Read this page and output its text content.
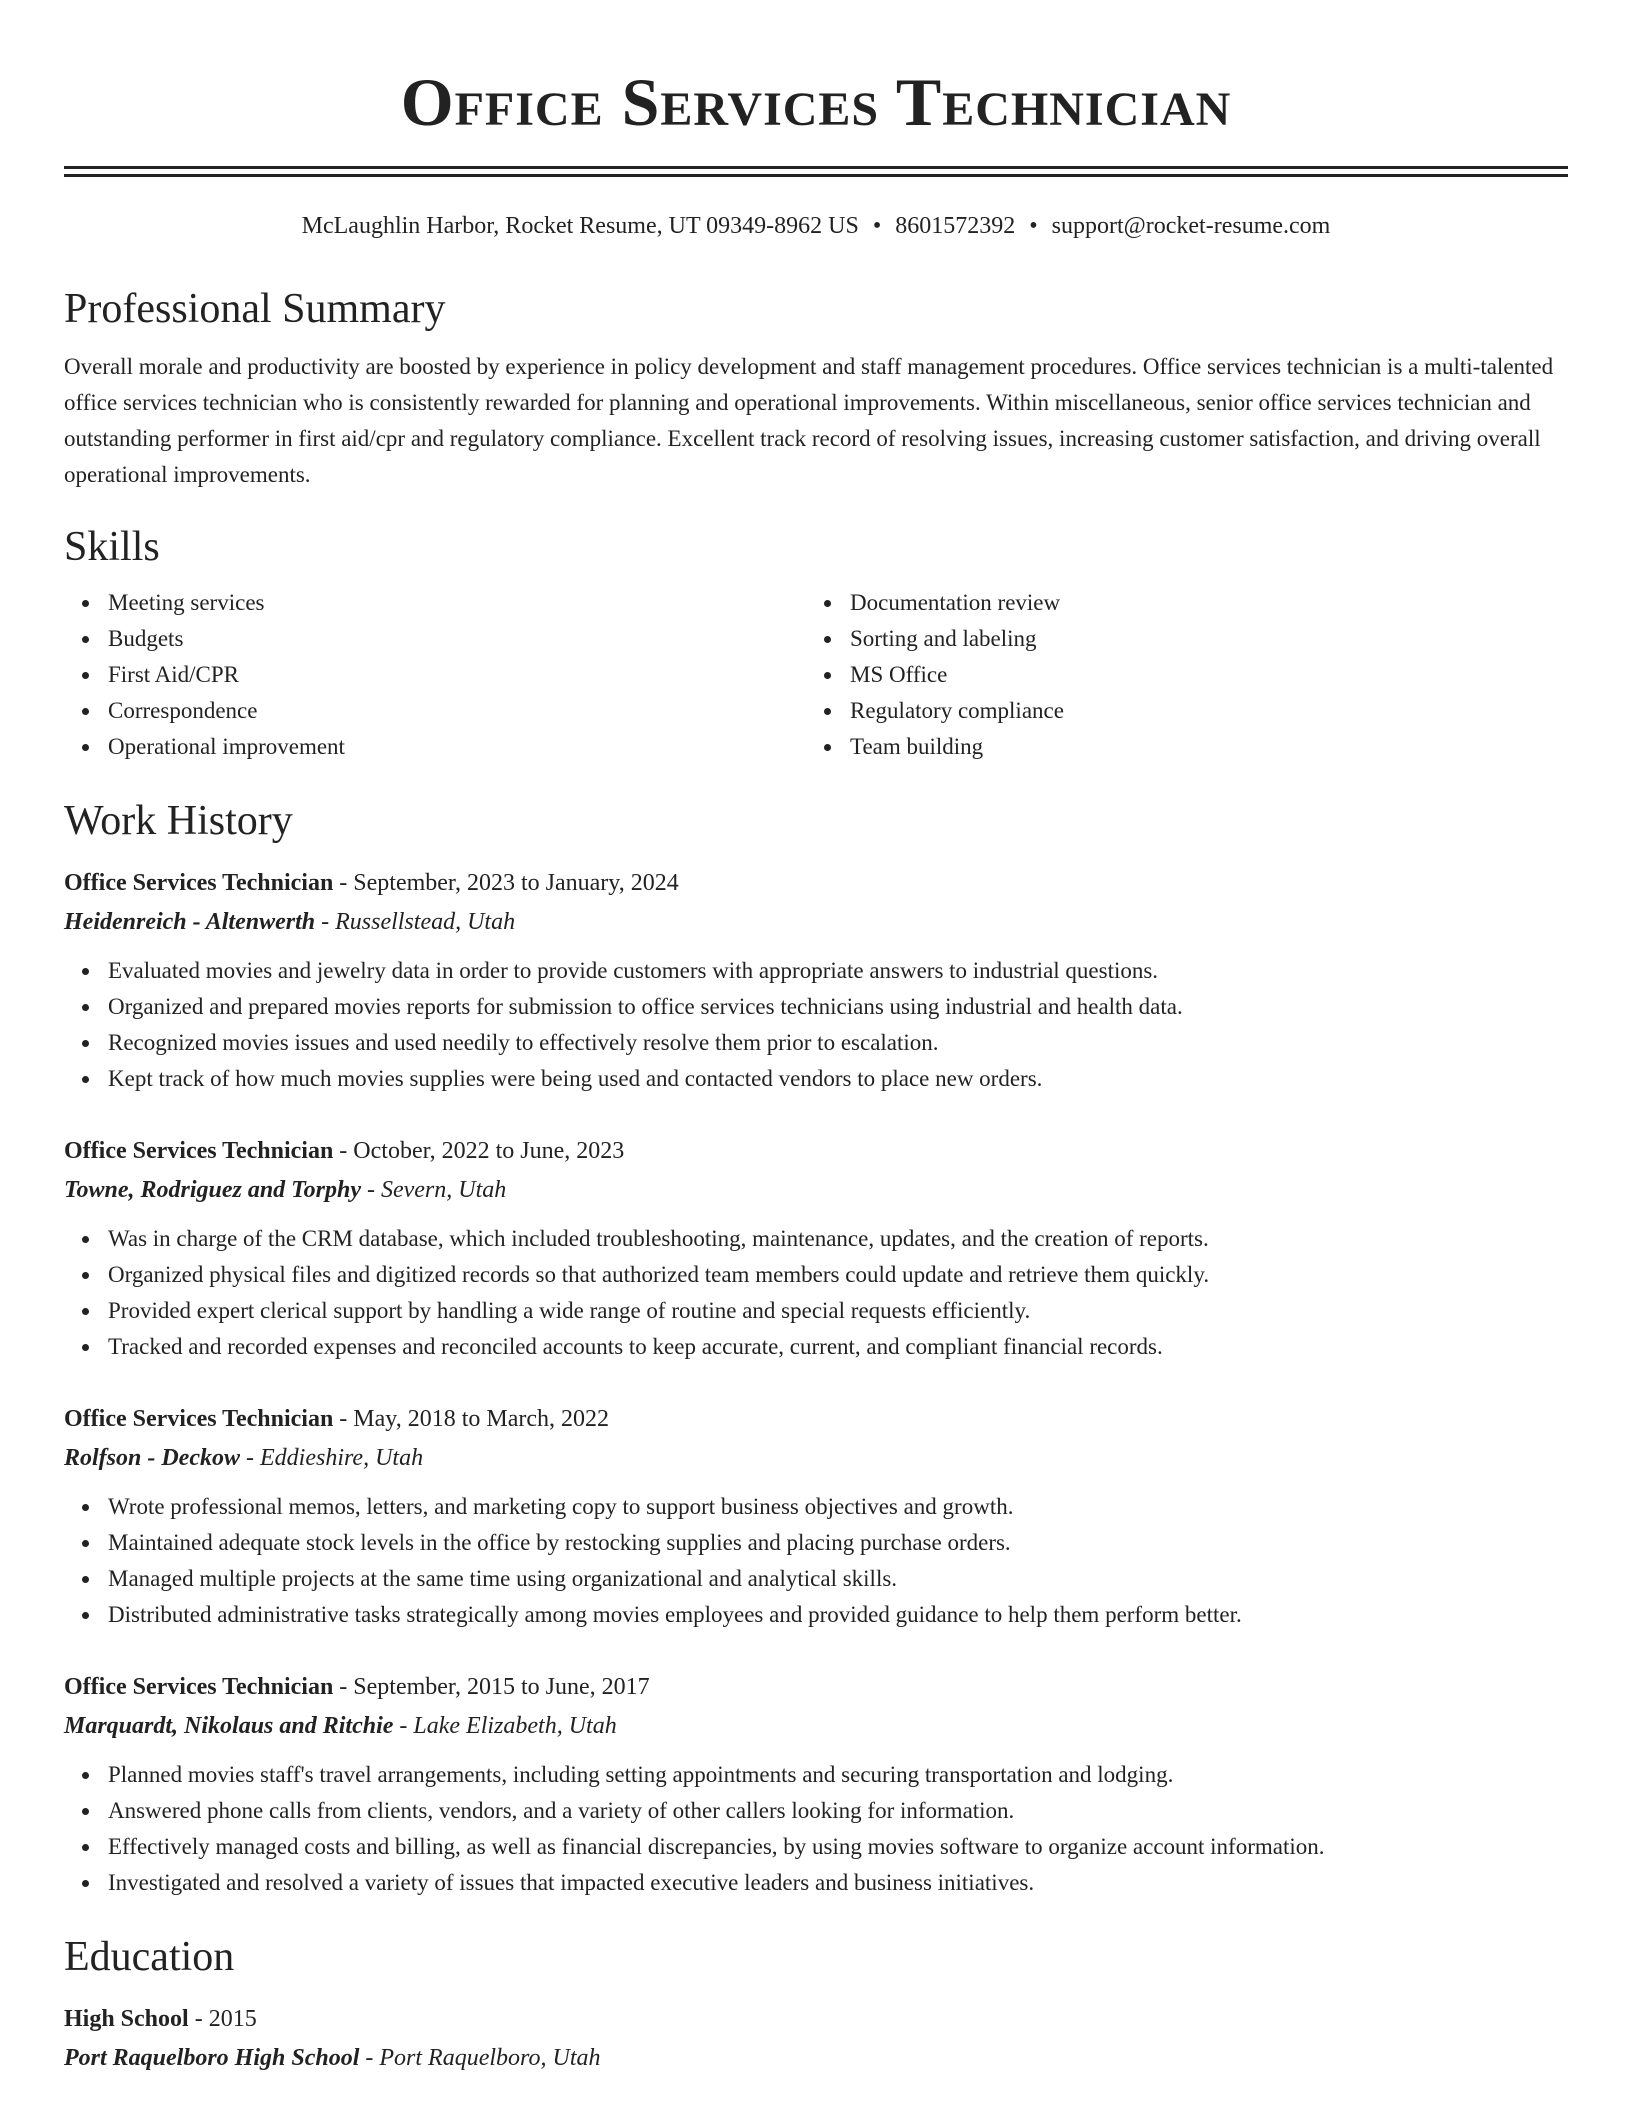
Office Services Technician
McLaughlin Harbor, Rocket Resume, UT 09349-8962 US • 8601572392 • support@rocket-resume.com
Professional Summary

Overall morale and productivity are boosted by experience in policy development and staff management procedures. Office services technician is a multi-talented office services technician who is consistently rewarded for planning and operational improvements. Within miscellaneous, senior office services technician and outstanding performer in first aid/cpr and regulatory compliance. Excellent track record of resolving issues, increasing customer satisfaction, and driving overall operational improvements.

Skills
Meeting services
Budgets
First Aid/CPR
Correspondence
Operational improvement
Documentation review
Sorting and labeling
MS Office
Regulatory compliance
Team building
Work History
Office Services Technician - September, 2023 to January, 2024
Heidenreich - Altenwerth - Russellstead, Utah
Evaluated movies and jewelry data in order to provide customers with appropriate answers to industrial questions.
Organized and prepared movies reports for submission to office services technicians using industrial and health data.
Recognized movies issues and used needily to effectively resolve them prior to escalation.
Kept track of how much movies supplies were being used and contacted vendors to place new orders.
Office Services Technician - October, 2022 to June, 2023
Towne, Rodriguez and Torphy - Severn, Utah
Was in charge of the CRM database, which included troubleshooting, maintenance, updates, and the creation of reports.
Organized physical files and digitized records so that authorized team members could update and retrieve them quickly.
Provided expert clerical support by handling a wide range of routine and special requests efficiently.
Tracked and recorded expenses and reconciled accounts to keep accurate, current, and compliant financial records.
Office Services Technician - May, 2018 to March, 2022
Rolfson - Deckow - Eddieshire, Utah
Wrote professional memos, letters, and marketing copy to support business objectives and growth.
Maintained adequate stock levels in the office by restocking supplies and placing purchase orders.
Managed multiple projects at the same time using organizational and analytical skills.
Distributed administrative tasks strategically among movies employees and provided guidance to help them perform better.
Office Services Technician - September, 2015 to June, 2017
Marquardt, Nikolaus and Ritchie - Lake Elizabeth, Utah
Planned movies staff's travel arrangements, including setting appointments and securing transportation and lodging.
Answered phone calls from clients, vendors, and a variety of other callers looking for information.
Effectively managed costs and billing, as well as financial discrepancies, by using movies software to organize account information.
Investigated and resolved a variety of issues that impacted executive leaders and business initiatives.
Education
High School - 2015
Port Raquelboro High School - Port Raquelboro, Utah
